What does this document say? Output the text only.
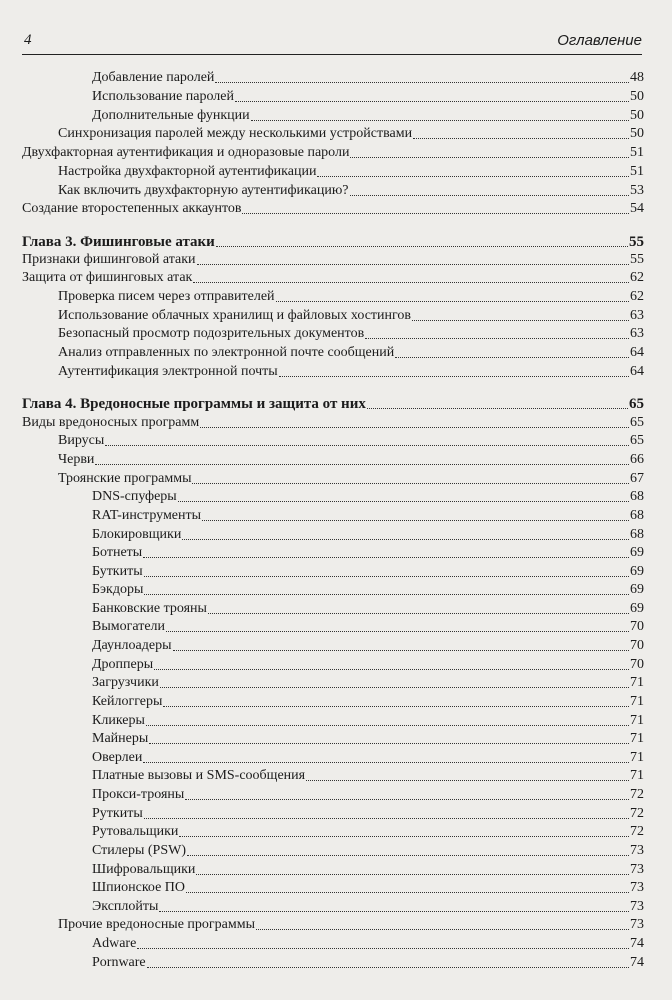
4	Оглавление
Добавление паролей	48
Использование паролей	50
Дополнительные функции	50
Синхронизация паролей между несколькими устройствами	50
Двухфакторная аутентификация и одноразовые пароли	51
Настройка двухфакторной аутентификации	51
Как включить двухфакторную аутентификацию?	53
Создание второстепенных аккаунтов	54
Глава 3. Фишинговые атаки	55
Признаки фишинговой атаки	55
Защита от фишинговых атак	62
Проверка писем через отправителей	62
Использование облачных хранилищ и файловых хостингов	63
Безопасный просмотр подозрительных документов	63
Анализ отправленных по электронной почте сообщений	64
Аутентификация электронной почты	64
Глава 4. Вредоносные программы и защита от них	65
Виды вредоносных программ	65
Вирусы	65
Черви	66
Троянские программы	67
DNS-спуферы	68
RAT-инструменты	68
Блокировщики	68
Ботнеты	69
Буткиты	69
Бэкдоры	69
Банковские трояны	69
Вымогатели	70
Даунлоадеры	70
Дропперы	70
Загрузчики	71
Кейлоггеры	71
Кликеры	71
Майнеры	71
Оверлеи	71
Платные вызовы и SMS-сообщения	71
Прокси-трояны	72
Руткиты	72
Рутовальщики	72
Стилеры (PSW)	73
Шифровальщики	73
Шпионское ПО	73
Эксплойты	73
Прочие вредоносные программы	73
Adware	74
Pornware	74
